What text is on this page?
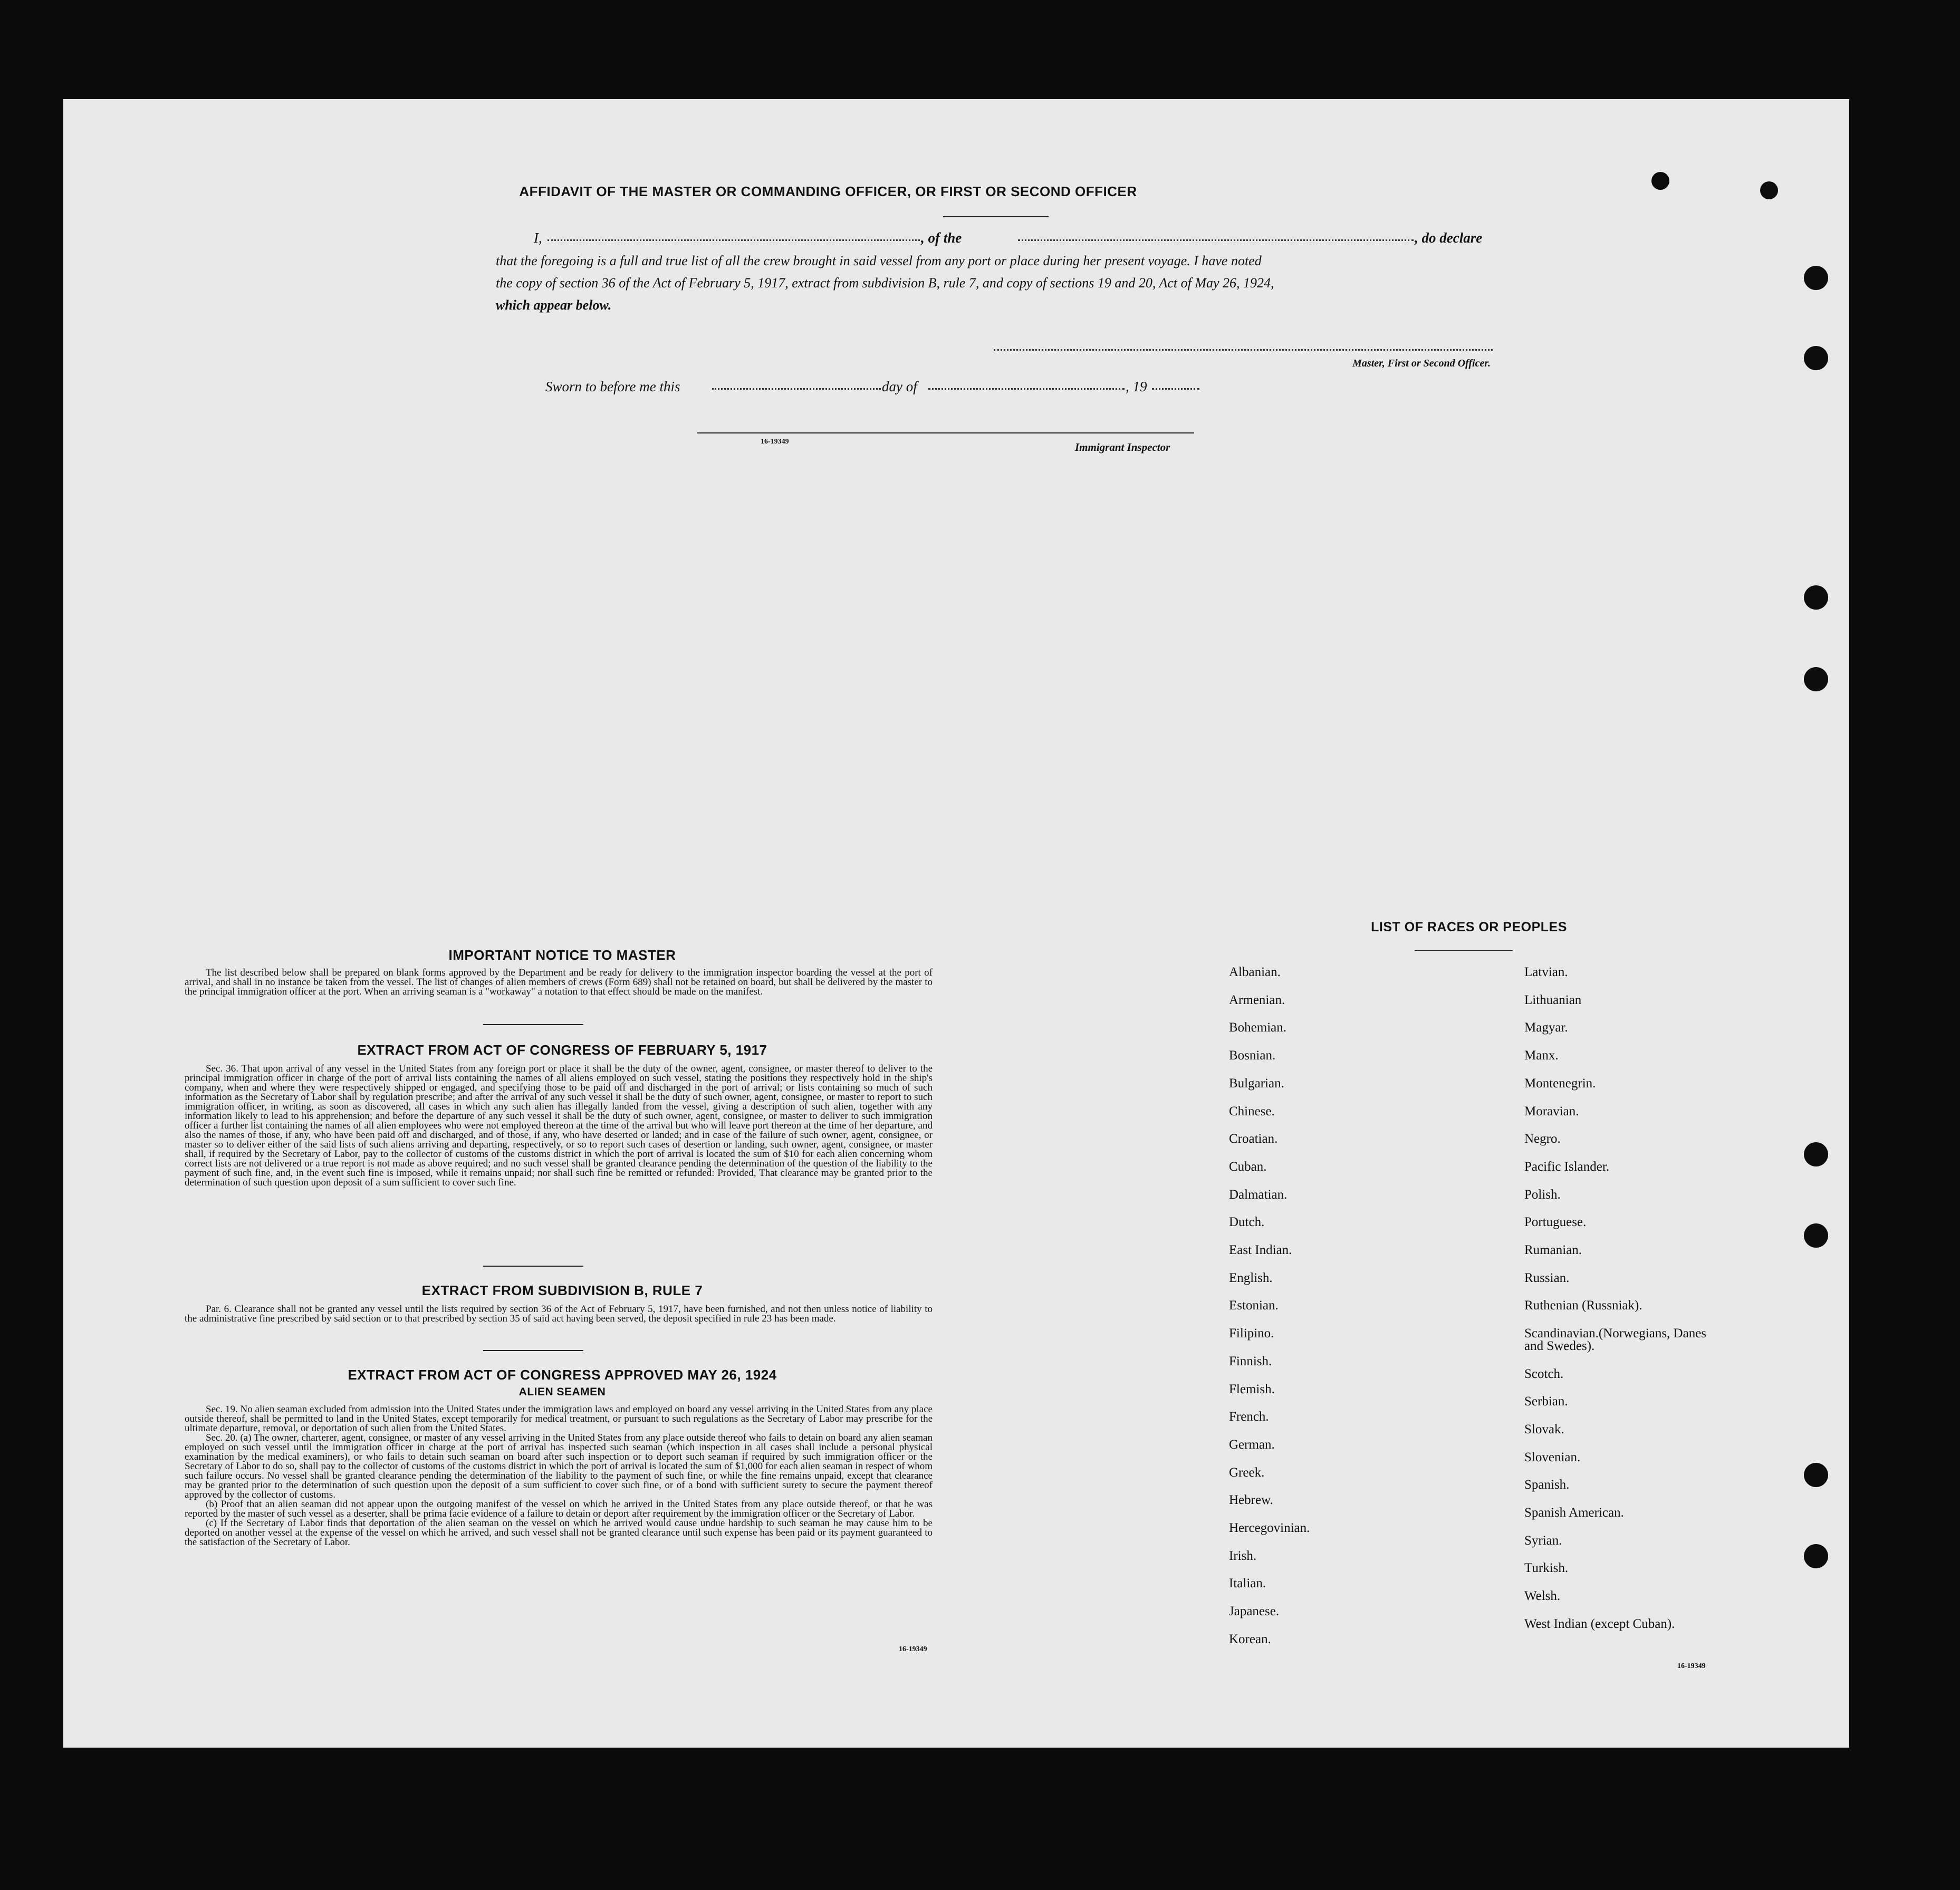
AFFIDAVIT OF THE MASTER OR COMMANDING OFFICER, OR FIRST OR SECOND OFFICER
I,	, of the	, do declare
that the foregoing is a full and true list of all the crew brought in said vessel from any port or place during her present voyage. I have noted
the copy of section 36 of the Act of February 5, 1917, extract from subdivision B, rule 7, and copy of sections 19 and 20, Act of May 26, 1924,
which appear below.
Master, First or Second Officer.
Sworn to before me this	day of	, 19
16-19349	Immigrant Inspector
IMPORTANT NOTICE TO MASTER

The list described below shall be prepared on blank forms approved by the Department and be ready for delivery to the immigration inspector boarding the vessel at the port of arrival, and shall in no instance be taken from the vessel. The list of changes of alien members of crews (Form 689) shall not be retained on board, but shall be delivered by the master to the principal immigration officer at the port. When an arriving seaman is a "workaway" a notation to that effect should be made on the manifest.

EXTRACT FROM ACT OF CONGRESS OF FEBRUARY 5, 1917

Sec. 36. That upon arrival of any vessel in the United States from any foreign port or place it shall be the duty of the owner, agent, consignee, or master thereof to deliver to the principal immigration officer in charge of the port of arrival lists containing the names of all aliens employed on such vessel, stating the positions they respectively hold in the ship's company, when and where they were respectively shipped or engaged, and specifying those to be paid off and discharged in the port of arrival; or lists containing so much of such information as the Secretary of Labor shall by regulation prescribe; and after the arrival of any such vessel it shall be the duty of such owner, agent, consignee, or master to report to such immigration officer, in writing, as soon as discovered, all cases in which any such alien has illegally landed from the vessel, giving a description of such alien, together with any information likely to lead to his apprehension; and before the departure of any such vessel it shall be the duty of such owner, agent, consignee, or master to deliver to such immigration officer a further list containing the names of all alien employees who were not employed thereon at the time of the arrival but who will leave port thereon at the time of her departure, and also the names of those, if any, who have been paid off and discharged, and of those, if any, who have deserted or landed; and in case of the failure of such owner, agent, consignee, or master so to deliver either of the said lists of such aliens arriving and departing, respectively, or so to report such cases of desertion or landing, such owner, agent, consignee, or master shall, if required by the Secretary of Labor, pay to the collector of customs of the customs district in which the port of arrival is located the sum of $10 for each alien concerning whom correct lists are not delivered or a true report is not made as above required; and no such vessel shall be granted clearance pending the determination of the question of the liability to the payment of such fine, and, in the event such fine is imposed, while it remains unpaid; nor shall such fine be remitted or refunded: Provided, That clearance may be granted prior to the determination of such question upon deposit of a sum sufficient to cover such fine.

EXTRACT FROM SUBDIVISION B, RULE 7

Par. 6. Clearance shall not be granted any vessel until the lists required by section 36 of the Act of February 5, 1917, have been furnished, and not then unless notice of liability to the administrative fine prescribed by said section or to that prescribed by section 35 of said act having been served, the deposit specified in rule 23 has been made.

EXTRACT FROM ACT OF CONGRESS APPROVED MAY 26, 1924
ALIEN SEAMEN

Sec. 19. No alien seaman excluded from admission into the United States under the immigration laws and employed on board any vessel arriving in the United States from any place outside thereof, shall be permitted to land in the United States, except temporarily for medical treatment, or pursuant to such regulations as the Secretary of Labor may prescribe for the ultimate departure, removal, or deportation of such alien from the United States.

Sec. 20. (a) The owner, charterer, agent, consignee, or master of any vessel arriving in the United States from any place outside thereof who fails to detain on board any alien seaman employed on such vessel until the immigration officer in charge at the port of arrival has inspected such seaman (which inspection in all cases shall include a personal physical examination by the medical examiners), or who fails to detain such seaman on board after such inspection or to deport such seaman if required by such immigration officer or the Secretary of Labor to do so, shall pay to the collector of customs of the customs district in which the port of arrival is located the sum of $1,000 for each alien seaman in respect of whom such failure occurs. No vessel shall be granted clearance pending the determination of the liability to the payment of such fine, or while the fine remains unpaid, except that clearance may be granted prior to the determination of such question upon the deposit of a sum sufficient to cover such fine, or of a bond with sufficient surety to secure the payment thereof approved by the collector of customs.

(b) Proof that an alien seaman did not appear upon the outgoing manifest of the vessel on which he arrived in the United States from any place outside thereof, or that he was reported by the master of such vessel as a deserter, shall be prima facie evidence of a failure to detain or deport after requirement by the immigration officer or the Secretary of Labor.

(c) If the Secretary of Labor finds that deportation of the alien seaman on the vessel on which he arrived would cause undue hardship to such seaman he may cause him to be deported on another vessel at the expense of the vessel on which he arrived, and such vessel shall not be granted clearance until such expense has been paid or its payment guaranteed to the satisfaction of the Secretary of Labor.

16-19349
LIST OF RACES OR PEOPLES
Albanian.
Armenian.
Bohemian.
Bosnian.
Bulgarian.
Chinese.
Croatian.
Cuban.
Dalmatian.
Dutch.
East Indian.
English.
Estonian.
Filipino.
Finnish.
Flemish.
French.
German.
Greek.
Hebrew.
Hercegovinian.
Irish.
Italian.
Japanese.
Korean.
Latvian.
Lithuanian
Magyar.
Manx.
Montenegrin.
Moravian.
Negro.
Pacific Islander.
Polish.
Portuguese.
Rumanian.
Russian.
Ruthenian (Russniak).
Scandinavian.(Norwegians, Danes and Swedes).
Scotch.
Serbian.
Slovak.
Slovenian.
Spanish.
Spanish American.
Syrian.
Turkish.
Welsh.
West Indian (except Cuban).
16-19349
